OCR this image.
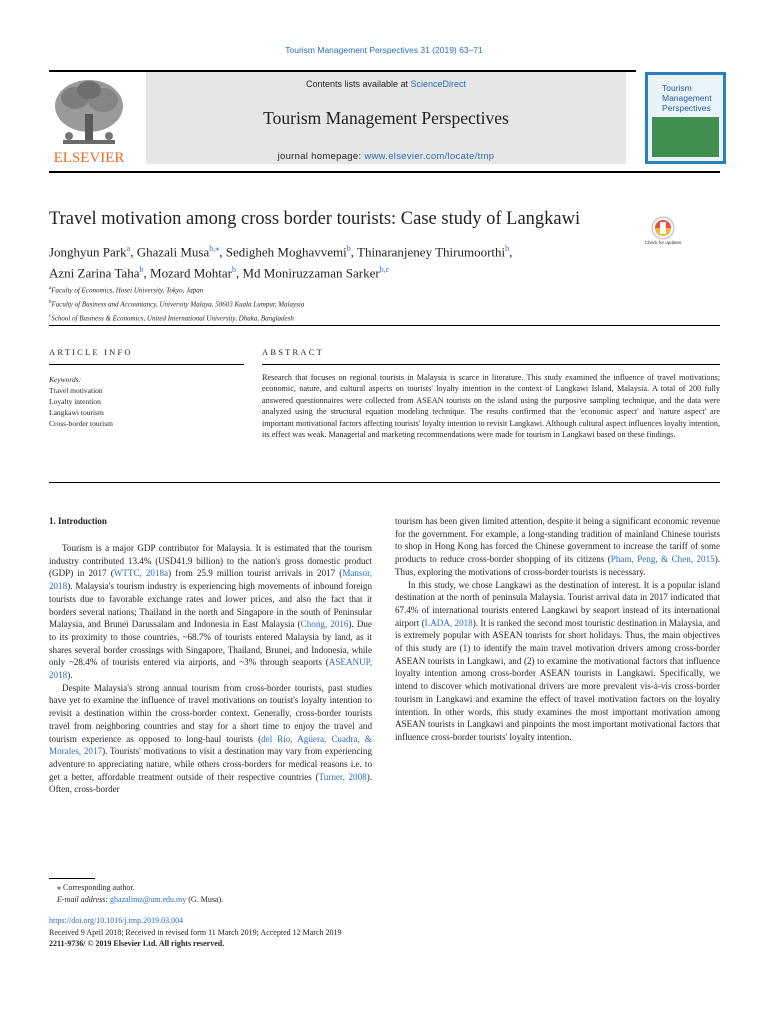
Tourism Management Perspectives 31 (2019) 63–71
ELSEVIER
Contents lists available at ScienceDirect
Tourism Management Perspectives
journal homepage: www.elsevier.com/locate/tmp
Tourism
Management
Perspectives
Travel motivation among cross border tourists: Case study of Langkawi
Jonghyun Park$^a$, Ghazali Musa$^{b,⁎}$, Sedigheh Moghavvemi$^b$, Thinaranjeney Thirumoorthi$^b$,
Azni Zarina Taha$^b$, Mozard Mohtar$^b$, Md Moniruzzaman Sarker$^{b,c}$
Check for updates
$^a$Faculty of Economics, Hosei University, Tokyo, Japan
$^b$Faculty of Business and Accountancy, University Malaya, 50603 Kuala Lumpur, Malaysia
$^c$School of Business & Economics, United International University, Dhaka, Bangladesh
ARTICLE INFO	ABSTRACT
Keywords:
Travel motivation
Loyalty intention
Langkawi tourism
Cross-border tourism
Research that focuses on regional tourists in Malaysia is scarce in literature. This study examined the influence of travel motivations; economic, nature, and cultural aspects on tourists' loyalty intention in the context of Langkawi Island, Malaysia. A total of 200 fully answered questionnaires were collected from ASEAN tourists on the island using the purposive sampling technique, and the data were analyzed using the structural equation modeling technique. The results confirmed that the 'economic aspect' and 'nature aspect' are important motivational factors affecting tourists' loyalty intention to revisit Langkawi. Although cultural aspect influences loyalty intention, its effect was weak. Managerial and marketing recommendations were made for tourism in Langkawi based on these findings.
1. Introduction

Tourism is a major GDP contributor for Malaysia. It is estimated that the tourism industry contributed 13.4% (USD41.9 billion) to the nation's gross domestic product (GDP) in 2017 (WTTC, 2018a) from 25.9 million tourist arrivals in 2017 (Mansor, 2018). Malaysia's tourism industry is experiencing high movements of inbound foreign tourists due to favorable exchange rates and lower prices, and also the fact that it borders several nations; Thailand in the north and Singapore in the south of Peninsular Malaysia, and Brunei Darussalam and Indonesia in East Malaysia (Chong, 2016). Due to its proximity to those countries, ~68.7% of tourists entered Malaysia by land, as it shares several border crossings with Singapore, Thailand, Brunei, and Indonesia, while only ~28.4% of tourists entered via airports, and ~3% through seaports (ASEANUP, 2018).

Despite Malaysia's strong annual tourism from cross-border tourists, past studies have yet to examine the influence of travel motivations on tourist's loyalty intention to revisit a destination within the cross-border context. Generally, cross-border tourists travel from neighboring countries and stay for a short time to enjoy the travel and tourism experience as opposed to long-haul tourists (del Río, Agüera, Cuadra, & Morales, 2017). Tourists' motivations to visit a destination may vary from experiencing adventure to appreciating nature, while others cross-borders for medical reasons i.e. to get a better, affordable treatment outside of their respective countries (Turner, 2008). Often, cross-border

tourism has been given limited attention, despite it being a significant economic revenue for the government. For example, a long-standing tradition of mainland Chinese tourists to shop in Hong Kong has forced the Chinese government to increase the tariff of some products to reduce cross-border shopping of its citizens (Pham, Peng, & Chen, 2015). Thus, exploring the motivations of cross-border tourists is necessary.

In this study, we chose Langkawi as the destination of interest. It is a popular island destination at the north of peninsula Malaysia. Tourist arrival data in 2017 indicated that 67.4% of international tourists entered Langkawi by seaport instead of its international airport (LADA, 2018). It is ranked the second most touristic destination in Malaysia, and is extremely popular with ASEAN tourists for short holidays. Thus, the main objectives of this study are (1) to identify the main travel motivation drivers among cross-border ASEAN tourists in Langkawi, and (2) to examine the motivational factors that influence loyalty intention among cross-border ASEAN tourists in Langkawi. Specifically, we intend to discover which motivational drivers are more prevalent vis-à-vis cross-border tourism in Langkawi and examine the effect of travel motivation factors on the loyalty intention. In other words, this study examines the most important motivation among ASEAN tourists in Langkawi and pinpoints the most important motivational factors that influence cross-border tourists' loyalty intention.

⁎ Corresponding author.
E-mail address: ghazalimz@um.edu.my (G. Musa).
https://doi.org/10.1016/j.tmp.2019.03.004
Received 9 April 2018; Received in revised form 11 March 2019; Accepted 12 March 2019
2211-9736/ © 2019 Elsevier Ltd. All rights reserved.
